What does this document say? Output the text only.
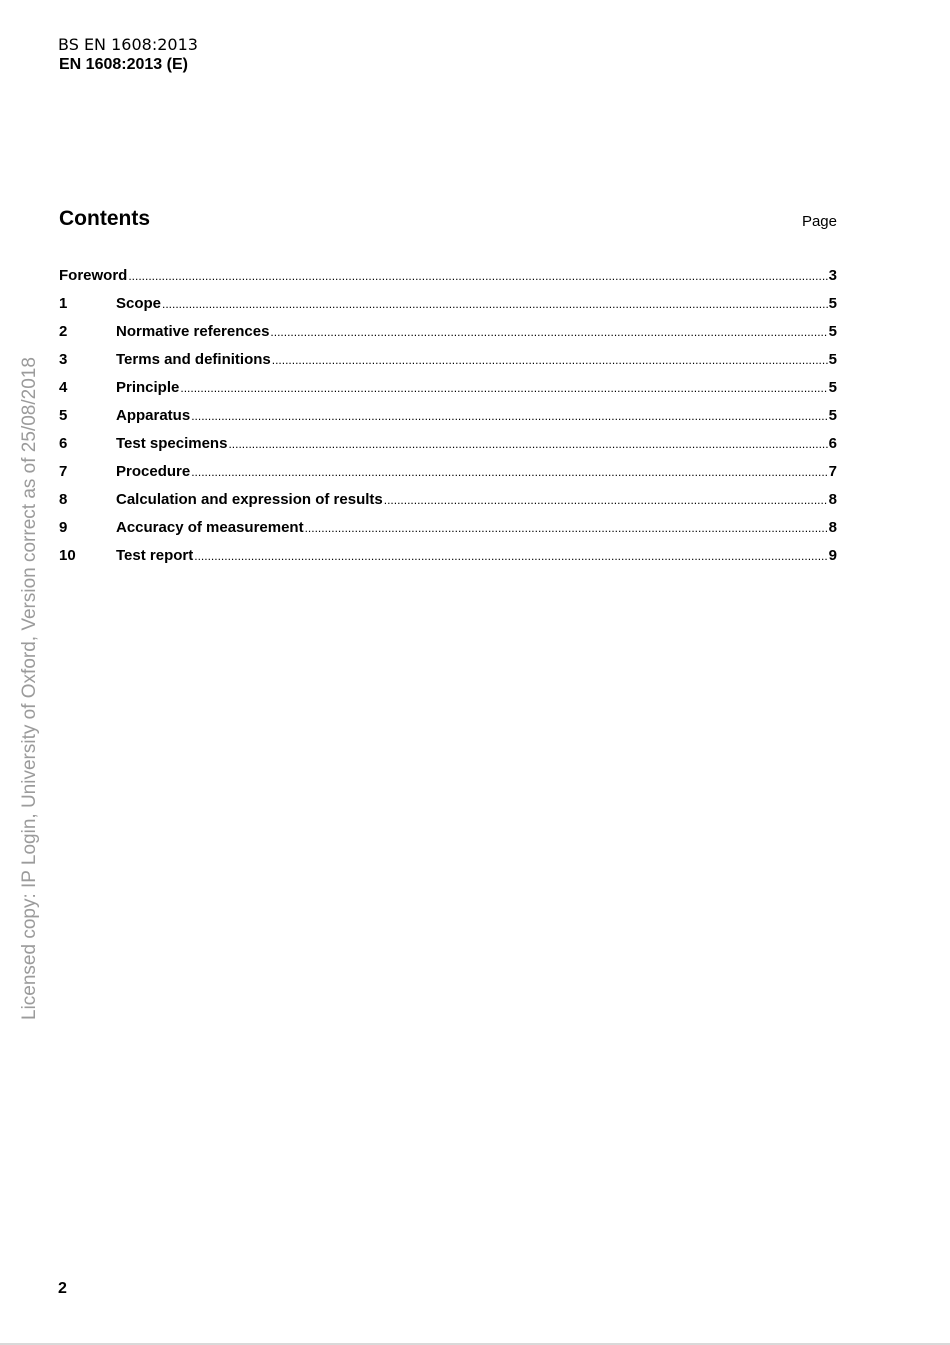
BS EN 1608:2013
EN 1608:2013 (E)
Contents	Page
Foreword .....	3
1	Scope .....	5
2	Normative references .....	5
3	Terms and definitions .....	5
4	Principle .....	5
5	Apparatus .....	5
6	Test specimens .....	6
7	Procedure .....	7
8	Calculation and expression of results .....	8
9	Accuracy of measurement .....	8
10	Test report .....	9
Licensed copy: IP Login, University of Oxford, Version correct as of 25/08/2018
2
